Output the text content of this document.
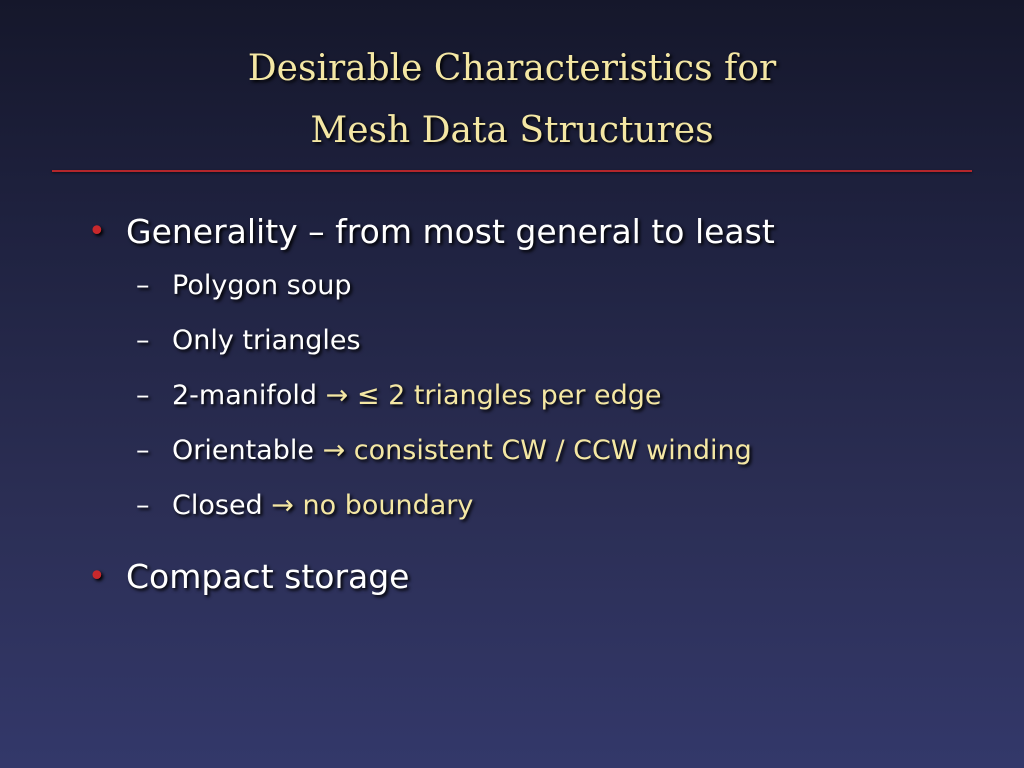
Desirable Characteristics for
Mesh Data Structures
• Generality – from most general to least
– Polygon soup
– Only triangles
– 2-manifold → ≤ 2 triangles per edge
– Orientable → consistent CW / CCW winding
– Closed → no boundary
• Compact storage
